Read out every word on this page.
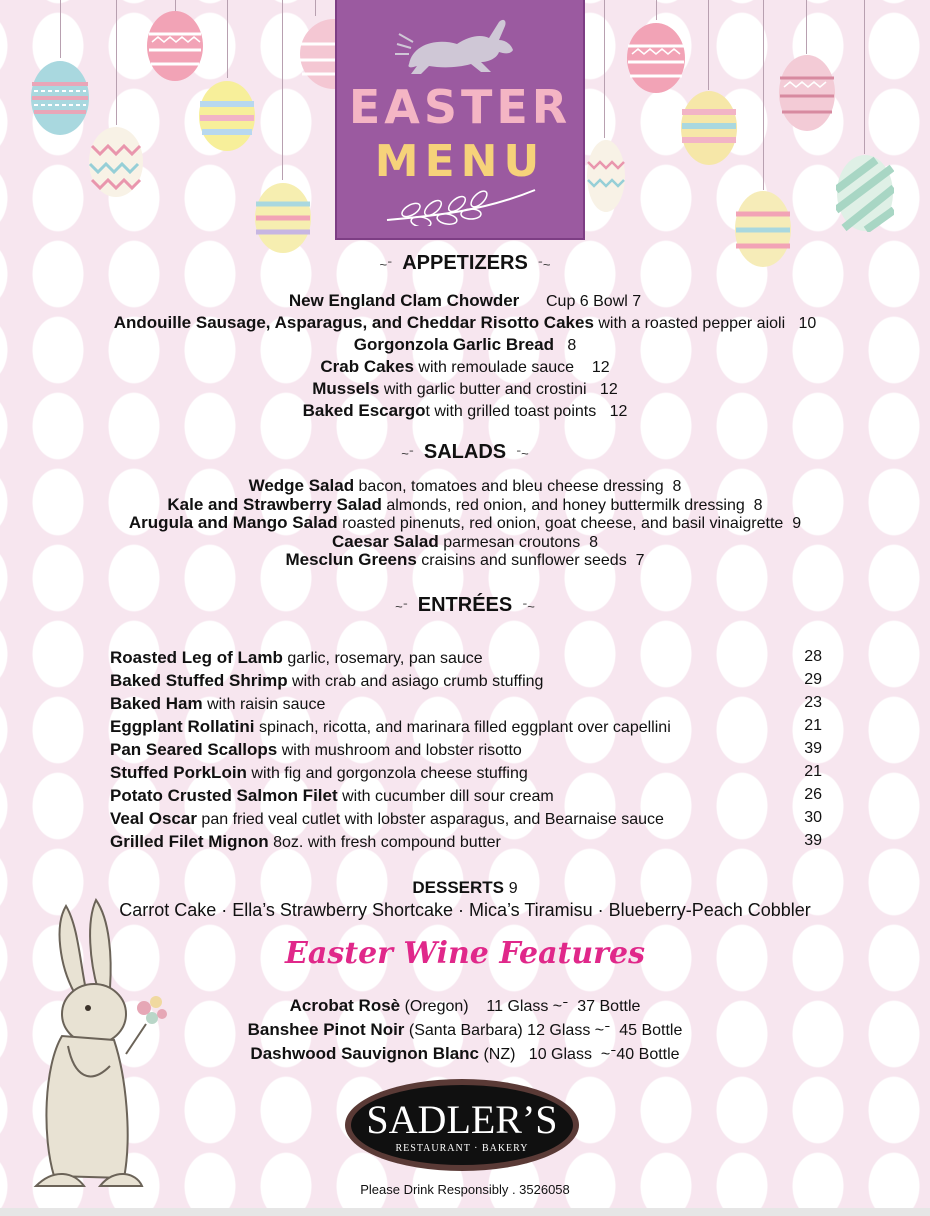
EASTER
MENU
~ᐨ APPETIZERS ᐨ~
New England Clam Chowder Cup 6 Bowl 7
Andouille Sausage, Asparagus, and Cheddar Risotto Cakes with a roasted pepper aioli 10
Gorgonzola Garlic Bread 8
Crab Cakes with remoulade sauce 12
Mussels with garlic butter and crostini 12
Baked Escargot with grilled toast points 12
~ᐨ SALADS ᐨ~
Wedge Salad bacon, tomatoes and bleu cheese dressing 8
Kale and Strawberry Salad almonds, red onion, and honey buttermilk dressing 8
Arugula and Mango Salad roasted pinenuts, red onion, goat cheese, and basil vinaigrette 9
Caesar Salad parmesan croutons 8
Mesclun Greens craisins and sunflower seeds 7
~ᐨ ENTRÉES ᐨ~
Roasted Leg of Lamb garlic, rosemary, pan sauce	28
Baked Stuffed Shrimp with crab and asiago crumb stuffing	29
Baked Ham with raisin sauce	23
Eggplant Rollatini spinach, ricotta, and marinara filled eggplant over capellini	21
Pan Seared Scallops with mushroom and lobster risotto	39
Stuffed PorkLoin with fig and gorgonzola cheese stuffing	21
Potato Crusted Salmon Filet with cucumber dill sour cream	26
Veal Oscar pan fried veal cutlet with lobster asparagus, and Bearnaise sauce	30
Grilled Filet Mignon 8oz. with fresh compound butter	39
DESSERTS 9
Carrot Cake · Ella’s Strawberry Shortcake · Mica’s Tiramisu · Blueberry-Peach Cobbler
Easter Wine Features
Acrobat Rosè (Oregon) 11 Glass ~ᐨ  37 Bottle
Banshee Pinot Noir (Santa Barbara) 12 Glass ~ᐨ  45 Bottle
Dashwood Sauvignon Blanc (NZ) 10 Glass  ~ᐨ40 Bottle
SADLER’S
RESTAURANT · BAKERY
Please Drink Responsibly . 3526058
